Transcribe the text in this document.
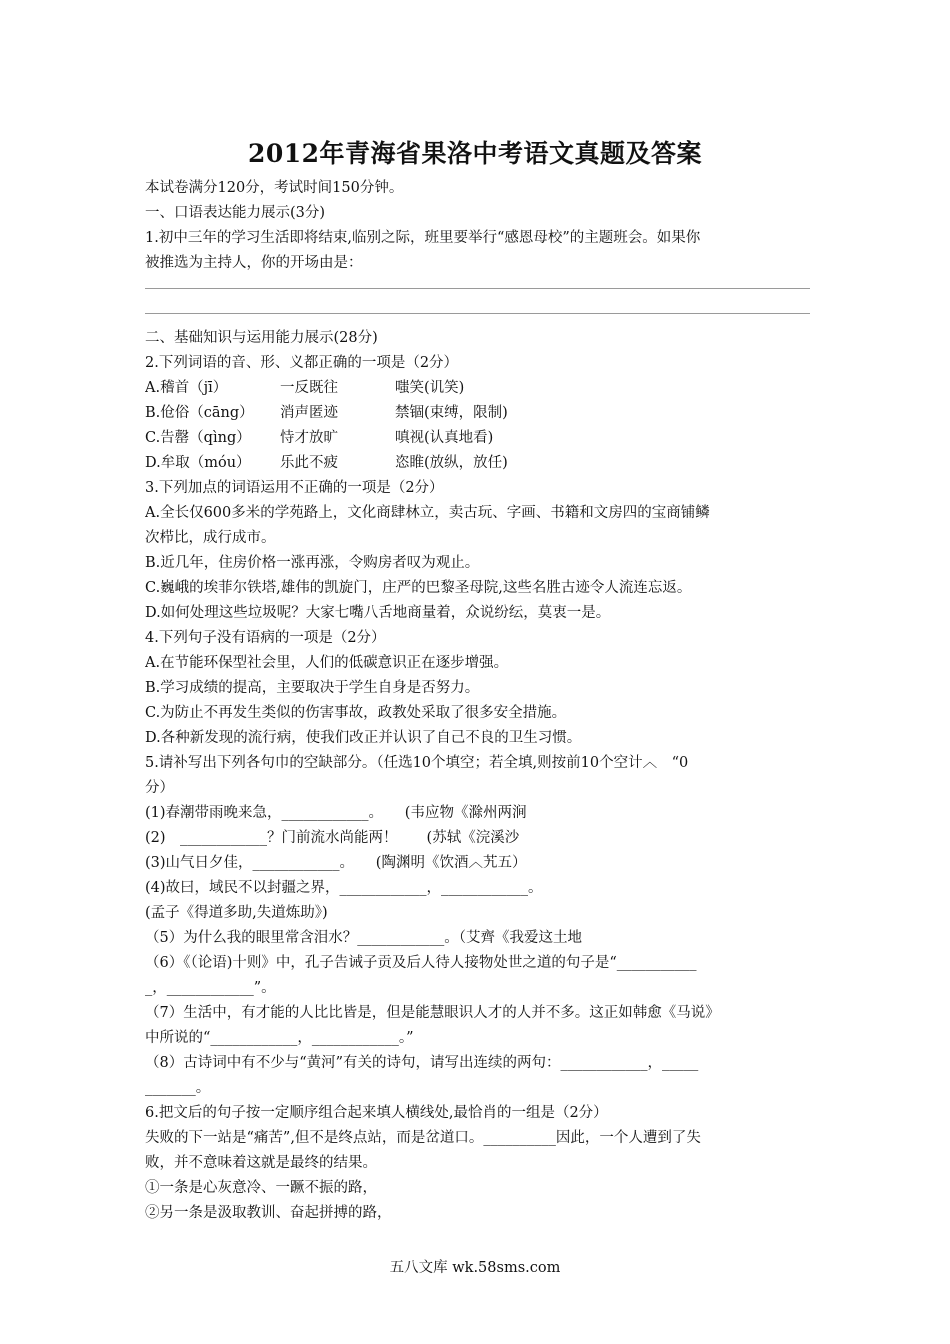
2012年青海省果洛中考语文真题及答案
本试卷满分120分，考试时间150分钟。
一、口语表达能力展示(3分)
1.初中三年的学习生活即将结束,临别之际，班里要举行“感恩母校”的主题班会。如果你
被推选为主持人，你的开场由是：
二、基础知识与运用能力展示(28分)
2.下列词语的音、形、义都正确的一项是（2分）
A.稽首（jī）	一反既往	嗤笑(讥笑)
B.伧俗（cāng） 消声匿迹	禁锢(束缚，限制)
C.告罄（qìng） 恃才放旷	嗔视(认真地看)
D.牟取（móu） 乐此不疲	恣睢(放纵，放任)
3.下列加点的词语运用不正确的一项是（2分）
A.全长仅600多米的学苑路上，文化商肆林立，卖古玩、字画、书籍和文房四的宝商铺鳞
次栉比，成行成市。
B.近几年，住房价格一涨再涨，令购房者叹为观止。
C.巍峨的埃菲尔铁塔,雄伟的凯旋门，庄严的巴黎圣母院,这些名胜古迹令人流连忘返。
D.如何处理这些垃圾呢？大家七嘴八舌地商量着，众说纷纭，莫衷一是。
4.下列句子没有语病的一项是（2分）
A.在节能环保型社会里，人们的低碳意识正在逐步增强。
B.学习成绩的提高，主要取决于学生自身是否努力。
C.为防止不再发生类似的伤害事故，政教处采取了很多安全措施。
D.各种新发现的流行病，使我们改正并认识了自己不良的卫生习惯。
5.请补写出下列各句巾的空缺部分。（任选10个填空；若全填,则按前10个空计︿　“0
分）
(1)春潮带雨晚来急，____________。　　(韦应物《滁州两涧
(2)　____________？门前流水尚能两！　　(苏轼《浣溪沙
(3)山气日夕佳，____________。　　(陶渊明《饮酒︿艽五）
(4)故曰，域民不以封疆之界，____________，____________。
(孟子《得道多助,失道炼助》)
（5）为什么我的眼里常含泪水？____________。（艾齊《我爱这土地
（6）《（论语)十则》中，孔子告诫子贡及后人待人接物处世之道的句子是“___________
_，____________”。
（7）生活中，有才能的人比比皆是，但是能慧眼识人才的人并不多。这正如韩愈《马说》
中所说的“____________，____________。”
（8）古诗词中有不少与“黄河”有关的诗句，请写出连续的两句：____________，_____
_______。
6.把文后的句子按一定顺序组合起来填人横线处,最恰肖的一组是（2分）
失败的下一站是“痛苦”,但不是终点站，而是岔道口。__________因此，一个人遭到了失
败，并不意味着这就是最终的结果。
①一条是心灰意冷、一蹶不振的路，
②另一条是汲取教训、奋起拼搏的路，
五八文库 wk.58sms.com
